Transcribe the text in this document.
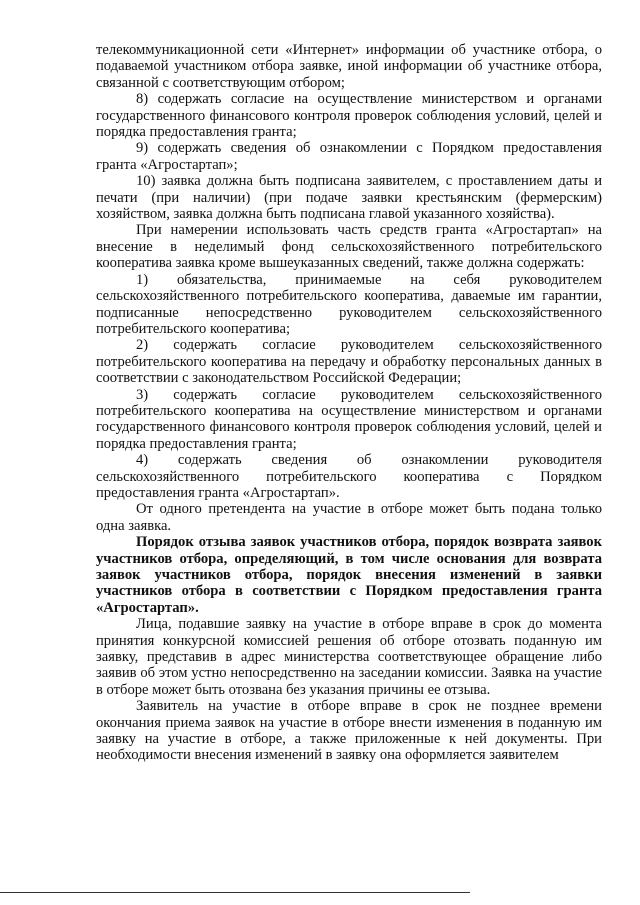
телекоммуникационной сети «Интернет» информации об участнике отбора, о подаваемой участником отбора заявке, иной информации об участнике отбора, связанной с соответствующим отбором;

8) содержать согласие на осуществление министерством и органами государственного финансового контроля проверок соблюдения условий, целей и порядка предоставления гранта;

9) содержать сведения об ознакомлении с Порядком предоставления гранта «Агростартап»;

10) заявка должна быть подписана заявителем, с проставлением даты и печати (при наличии) (при подаче заявки крестьянским (фермерским) хозяйством, заявка должна быть подписана главой указанного хозяйства).

При намерении использовать часть средств гранта «Агростартап» на внесение в неделимый фонд сельскохозяйственного потребительского кооператива заявка кроме вышеуказанных сведений, также должна содержать:

1) обязательства, принимаемые на себя руководителем сельскохозяйственного потребительского кооператива, даваемые им гарантии, подписанные непосредственно руководителем сельскохозяйственного потребительского кооператива;

2) содержать согласие руководителем сельскохозяйственного потребительского кооператива на передачу и обработку персональных данных в соответствии с законодательством Российской Федерации;

3) содержать согласие руководителем сельскохозяйственного потребительского кооператива на осуществление министерством и органами государственного финансового контроля проверок соблюдения условий, целей и порядка предоставления гранта;

4) содержать сведения об ознакомлении руководителя сельскохозяйственного потребительского кооператива с Порядком предоставления гранта «Агростартап».

От одного претендента на участие в отборе может быть подана только одна заявка.

Порядок отзыва заявок участников отбора, порядок возврата заявок участников отбора, определяющий, в том числе основания для возврата заявок участников отбора, порядок внесения изменений в заявки участников отбора в соответствии с Порядком предоставления гранта «Агростартап».

Лица, подавшие заявку на участие в отборе вправе в срок до момента принятия конкурсной комиссией решения об отборе отозвать поданную им заявку, представив в адрес министерства соответствующее обращение либо заявив об этом устно непосредственно на заседании комиссии. Заявка на участие в отборе может быть отозвана без указания причины ее отзыва.

Заявитель на участие в отборе вправе в срок не позднее времени окончания приема заявок на участие в отборе внести изменения в поданную им заявку на участие в отборе, а также приложенные к ней документы. При необходимости внесения изменений в заявку она оформляется заявителем
